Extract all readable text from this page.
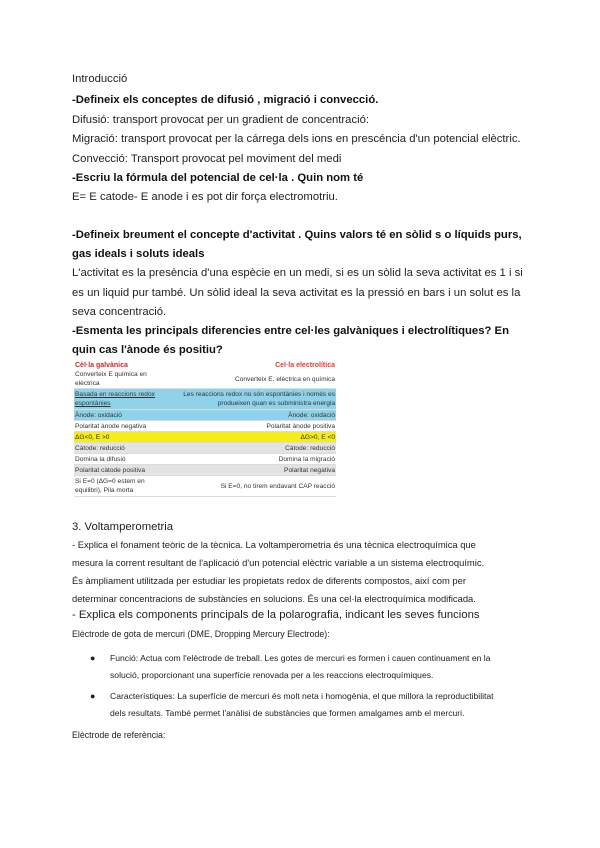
Introducció
-Defineix els conceptes de difusió , migració i convecció.
Difusió: transport provocat per un gradient de concentració:
Migració: transport provocat per la cárrega dels ions en prescéncia d'un potencial elèctric.
Convecció: Transport provocat pel moviment del medi
-Escriu la fórmula del potencial de cel·la . Quin nom té
E= E catode- E anode i es pot dir força electromotriu.
-Defineix breument el concepte d'activitat . Quins valors té en sòlid s o líquids purs,
gas ideals i soluts ideals
L'activitat es la presència d'una espècie en un medi, si es un sòlid la seva activitat es 1 i si
es un liquid pur també. Un sòlid ideal la seva activitat es la pressió en bars i un solut es la
seva concentració.
-Esmenta les principals diferencies entre cel·les galvàniques i electrolítiques? En
quin cas l'ànode és positiu?
Cèl·la galvànica	Cel·la electrolítica
Converteix E química en elèctrica	Converteix E. elèctrica en química
Basada en reaccions redox espontànies	Les reaccions redox no són espontànies i només es produeixen quan es subministra energia
Ànode: oxidació	Ànode: oxidació
Polaritat ànode negativa	Polaritat ànode positiva
ΔG<0, E >0	ΔG>0, E <0
Càtode: reducció	Càtode: reducció
Domina la difusió	Domina la migració
Polaritat càtode positiva	Polaritat negativa
Si E=0 (ΔG=0 estem en equilibri), Pila morta	Si E=0, no tirem endavant CAP reacció
3. Voltamperometria
- Explica el fonament teòric de la tècnica. La voltamperometria és una tècnica electroquímica que
mesura la corrent resultant de l'aplicació d'un potencial elèctric variable a un sistema electroquímic.
És àmpliament utilitzada per estudiar les propietats redox de diferents compostos, així com per
determinar concentracions de substàncies en solucions. És una cel·la electroquímica modificada.
- Explica els components principals de la polarografia, indicant les seves funcions
Elèctrode de gota de mercuri (DME, Dropping Mercury Electrode):
● Funció: Actua com l'elèctrode de treball. Les gotes de mercuri es formen i cauen continuament en la
solució, proporcionant una superfície renovada per a les reaccions electroquímiques.
● Característiques: La superfície de mercuri és molt neta i homogènia, el que millora la reproductibilitat
dels resultats. També permet l'anàlisi de substàncies que formen amalgames amb el mercuri.
Elèctrode de referència:
